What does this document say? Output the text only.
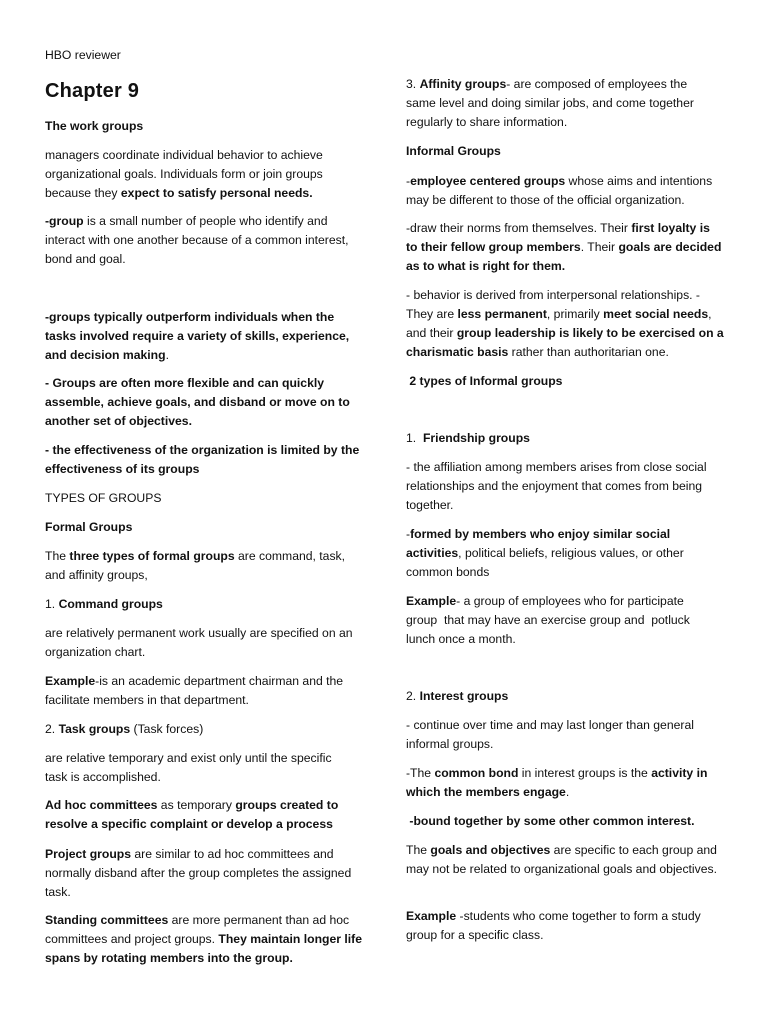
HBO reviewer

Chapter 9

The work groups

managers coordinate individual behavior to achieve organizational goals. Individuals form or join groups because they expect to satisfy personal needs.

-group is a small number of people who identify and interact with one another because of a common interest, bond and goal.

-groups typically outperform individuals when the tasks involved require a variety of skills, experience, and decision making.

- Groups are often more flexible and can quickly assemble, achieve goals, and disband or move on to another set of objectives.

- the effectiveness of the organization is limited by the effectiveness of its groups

TYPES OF GROUPS

Formal Groups

The three types of formal groups are command, task, and affinity groups,

1. Command groups

are relatively permanent work usually are specified on an organization chart.

Example-is an academic department chairman and the facilitate members in that department.

2. Task groups (Task forces)

are relative temporary and exist only until the specific task is accomplished.

Ad hoc committees as temporary groups created to resolve a specific complaint or develop a process

Project groups are similar to ad hoc committees and normally disband after the group completes the assigned task.

Standing committees are more permanent than ad hoc committees and project groups. They maintain longer life spans by rotating members into the group.

3. Affinity groups- are composed of employees the same level and doing similar jobs, and come together regularly to share information.

Informal Groups

-employee centered groups whose aims and intentions may be different to those of the official organization.

-draw their norms from themselves. Their first loyalty is to their fellow group members. Their goals are decided as to what is right for them.

- behavior is derived from interpersonal relationships. - They are less permanent, primarily meet social needs, and their group leadership is likely to be exercised on a charismatic basis rather than authoritarian one.

2 types of Informal groups

1.  Friendship groups

- the affiliation among members arises from close social relationships and the enjoyment that comes from being together.

-formed by members who enjoy similar social activities, political beliefs, religious values, or other common bonds

Example- a group of employees who for participate group  that may have an exercise group and  potluck lunch once a month.

2. Interest groups

- continue over time and may last longer than general informal groups.

-The common bond in interest groups is the activity in which the members engage.

-bound together by some other common interest.

The goals and objectives are specific to each group and may not be related to organizational goals and objectives.

Example -students who come together to form a study group for a specific class.
